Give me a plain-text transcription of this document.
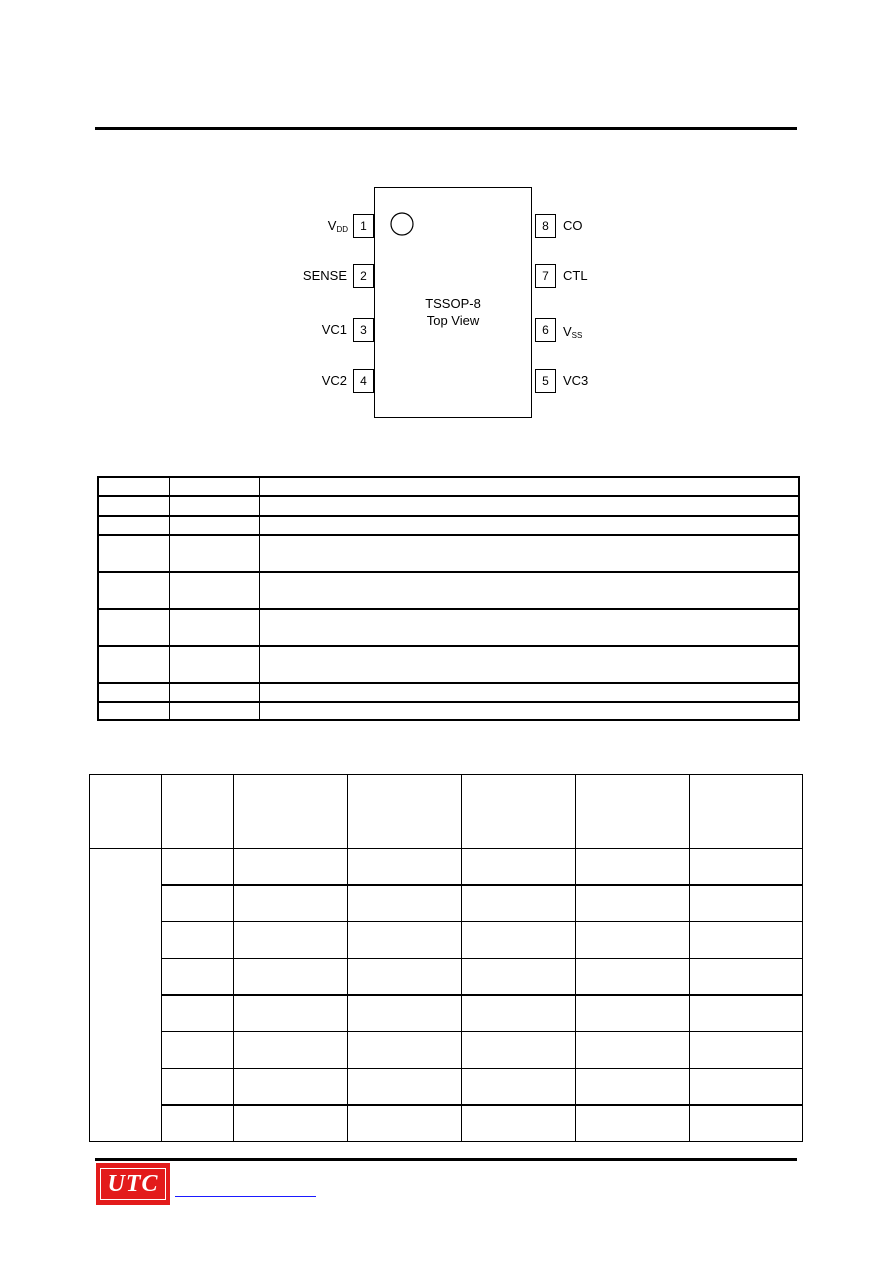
TSSOP-8
Top View
1
$V_{DD}$
2
SENSE
3
VC1
4
VC2
8	CO
7	CTL
6	$V_{SS}$
5	VC3
UTC
